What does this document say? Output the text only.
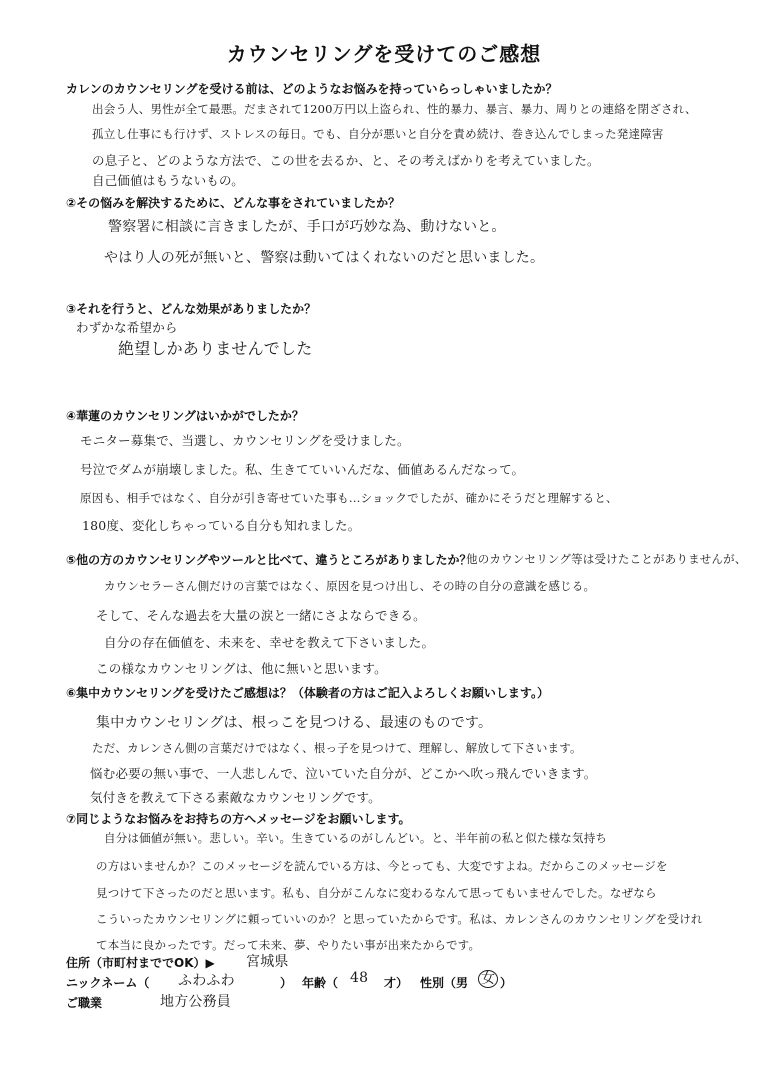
カウンセリングを受けてのご感想
カレンのカウンセリングを受ける前は、どのようなお悩みを持っていらっしゃいましたか？
出会う人、男性が全て最悪。だまされて1200万円以上盗られ、性的暴力、暴言、暴力、周りとの連絡を閉ざされ、
孤立し仕事にも行けず、ストレスの毎日。でも、自分が悪いと自分を責め続け、巻き込んでしまった発達障害
の息子と、どのような方法で、この世を去るか、と、その考えばかりを考えていました。
自己価値はもうないもの。
②その悩みを解決するために、どんな事をされていましたか？
警察署に相談に言きましたが、手口が巧妙な為、動けないと。
やはり人の死が無いと、警察は動いてはくれないのだと思いました。
③それを行うと、どんな効果がありましたか？
わずかな希望から
絶望しかありませんでした
④華蓮のカウンセリングはいかがでしたか？
モニター募集で、当選し、カウンセリングを受けました。
号泣でダムが崩壊しました。私、生きてていいんだな、価値あるんだなって。
原因も、相手ではなく、自分が引き寄せていた事も…ショックでしたが、確かにそうだと理解すると、
180度、変化しちゃっている自分も知れました。
⑤他の方のカウンセリングやツールと比べて、違うところがありましたか？
他のカウンセリング等は受けたことがありませんが、
カウンセラーさん側だけの言葉ではなく、原因を見つけ出し、その時の自分の意識を感じる。
そして、そんな過去を大量の涙と一緒にさよならできる。
自分の存在価値を、未来を、幸せを教えて下さいました。
この様なカウンセリングは、他に無いと思います。
⑥集中カウンセリングを受けたご感想は？（体験者の方はご記入よろしくお願いします。）
集中カウンセリングは、根っこを見つける、最速のものです。
ただ、カレンさん側の言葉だけではなく、根っ子を見つけて、理解し、解放して下さいます。
悩む必要の無い事で、一人悲しんで、泣いていた自分が、どこかへ吹っ飛んでいきます。
気付きを教えて下さる素敵なカウンセリングです。
⑦同じようなお悩みをお持ちの方へメッセージをお願いします。
自分は価値が無い。悲しい。辛い。生きているのがしんどい。と、半年前の私と似た様な気持ち
の方はいませんか？このメッセージを読んでいる方は、今とっても、大変ですよね。だからこのメッセージを
見つけて下さったのだと思います。私も、自分がこんなに変わるなんて思ってもいませんでした。なぜなら
こういったカウンセリングに頼っていいのか？と思っていたからです。私は、カレンさんのカウンセリングを受けれ
て本当に良かったです。だって未来、夢、やりたい事が出来たからです。
住所（市町村まででOK）▶ 宮城県
ニックネーム（ ふわふわ	） 年齢（ 48 才） 性別（男 女 ）
ご職業	地方公務員
